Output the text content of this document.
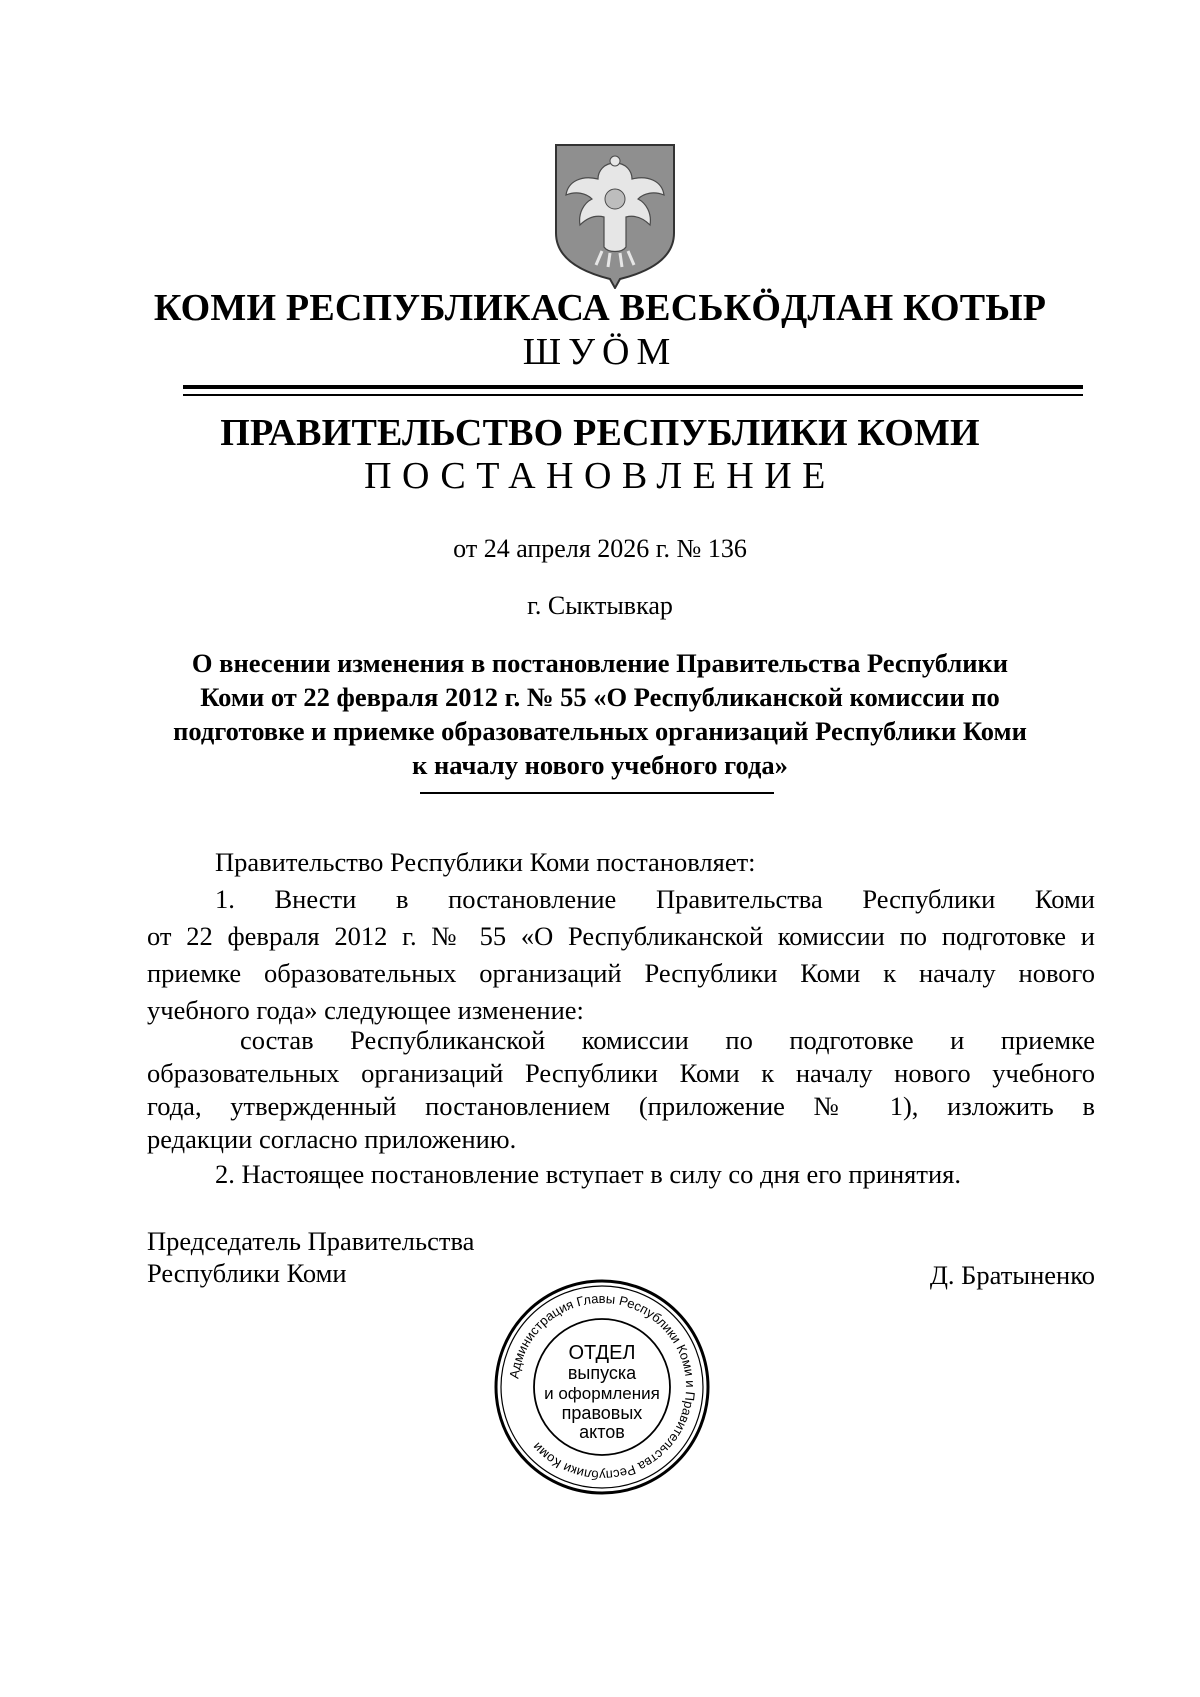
КОМИ РЕСПУБЛИКАСА ВЕСЬКӦДЛАН КОТЫР
ШУӦМ
ПРАВИТЕЛЬСТВО РЕСПУБЛИКИ КОМИ
ПОСТАНОВЛЕНИЕ
от 24 апреля 2026 г. № 136
г. Сыктывкар
О внесении изменения в постановление Правительства Республики
Коми от 22 февраля 2012 г. № 55 «О Республиканской комиссии по
подготовке и приемке образовательных организаций Республики Коми
к началу нового учебного года»
Правительство Республики Коми постановляет:
1. Внести в постановление Правительства Республики Коми
от 22 февраля 2012 г. № 55 «О Республиканской комиссии по подготовке и
приемке образовательных организаций Республики Коми к началу нового
учебного года» следующее изменение:
состав Республиканской комиссии по подготовке и приемке
образовательных организаций Республики Коми к началу нового учебного
года, утвержденный постановлением (приложение № 1), изложить в
редакции согласно приложению.
2. Настоящее постановление вступает в силу со дня его принятия.
Председатель Правительства
Республики Коми	Д. Братыненко
Администрация Главы Республики Коми и Правительства Республики Коми
ОТДЕЛ
выпуска
и оформления
правовых
актов
